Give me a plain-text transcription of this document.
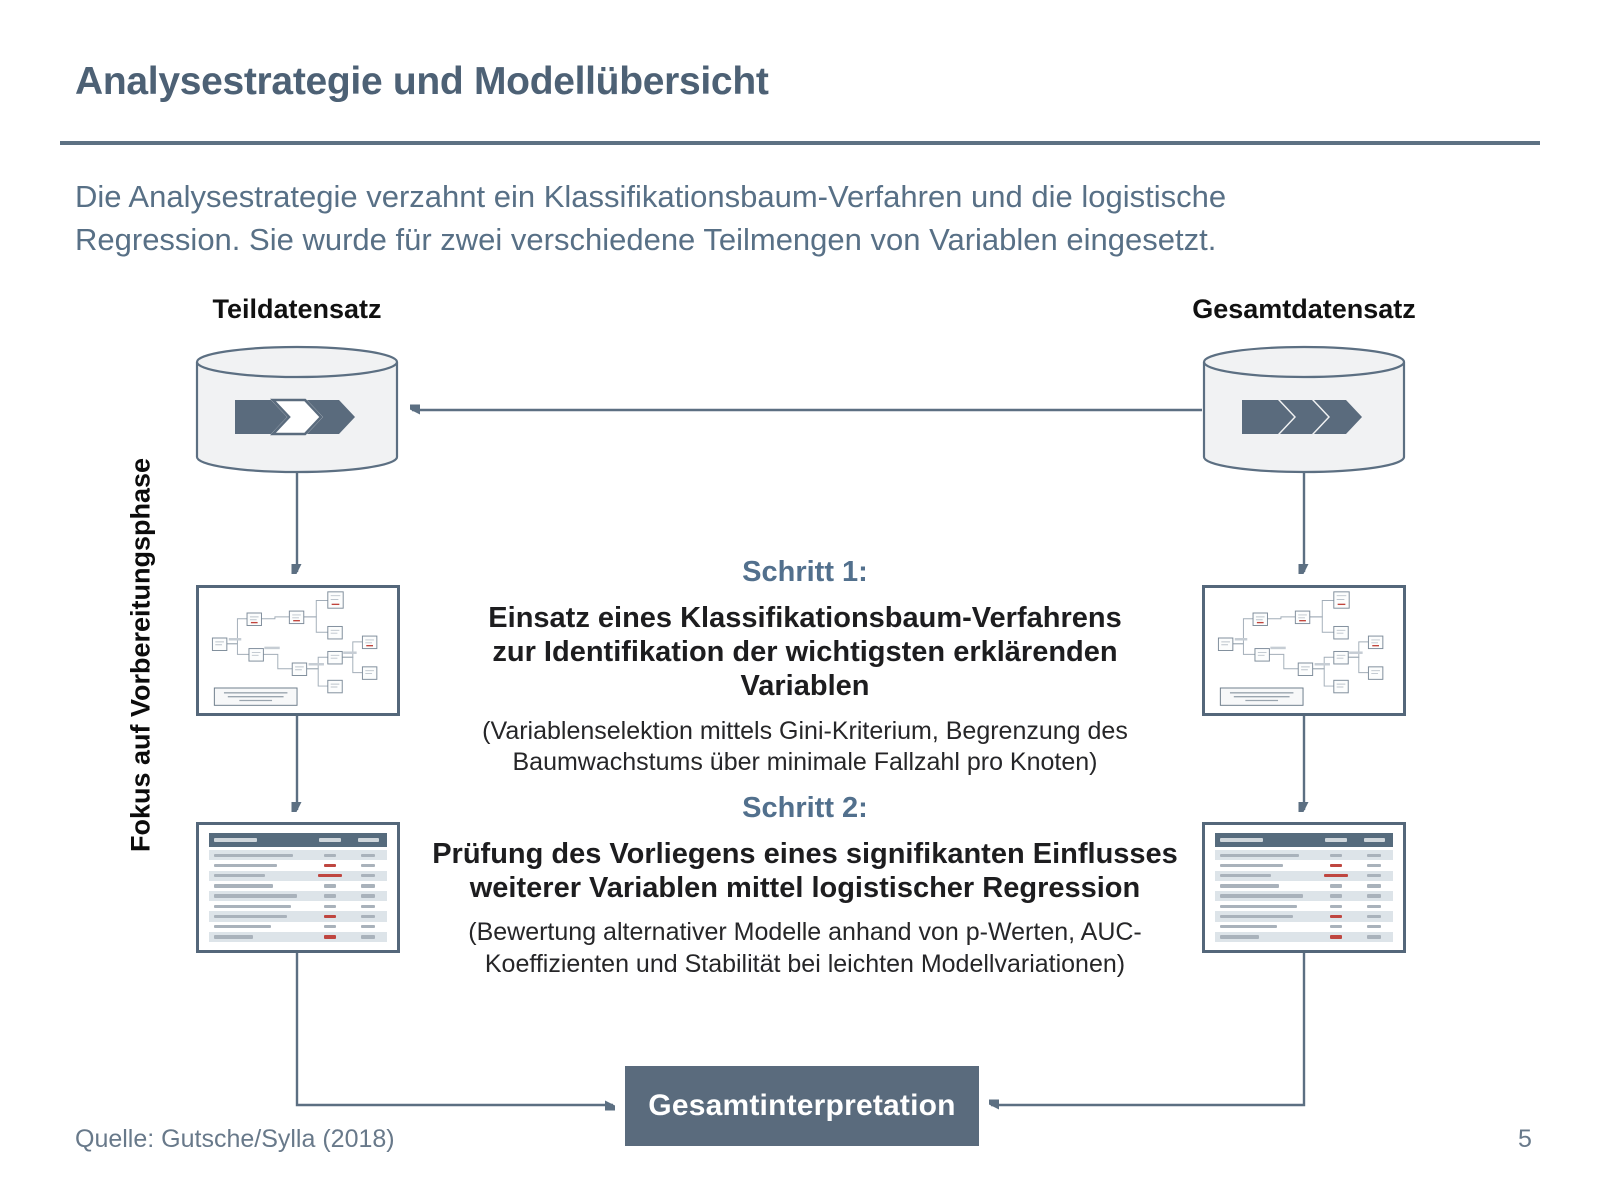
Analysestrategie und Modellübersicht

Die Analysestrategie verzahnt ein Klassifikationsbaum-Verfahren und die logistische
Regression. Sie wurde für zwei verschiedene Teilmengen von Variablen eingesetzt.

Teildatensatz	Gesamtdatensatz
Fokus auf Vorbereitungsphase	Schritt 1:

Einsatz eines Klassifikationsbaum-Verfahrens
zur Identifikation der wichtigsten erklärenden Variablen

(Variablenselektion mittels Gini-Kriterium, Begrenzung des
Baumwachstums über minimale Fallzahl pro Knoten)

Schritt 2:

Prüfung des Vorliegens eines signifikanten Einflusses
weiterer Variablen mittel logistischer Regression

(Bewertung alternativer Modelle anhand von p-Werten, AUC-
Koeffizienten und Stabilität bei leichten Modellvariationen)

Gesamtinterpretation
Quelle: Gutsche/Sylla (2018)	5
